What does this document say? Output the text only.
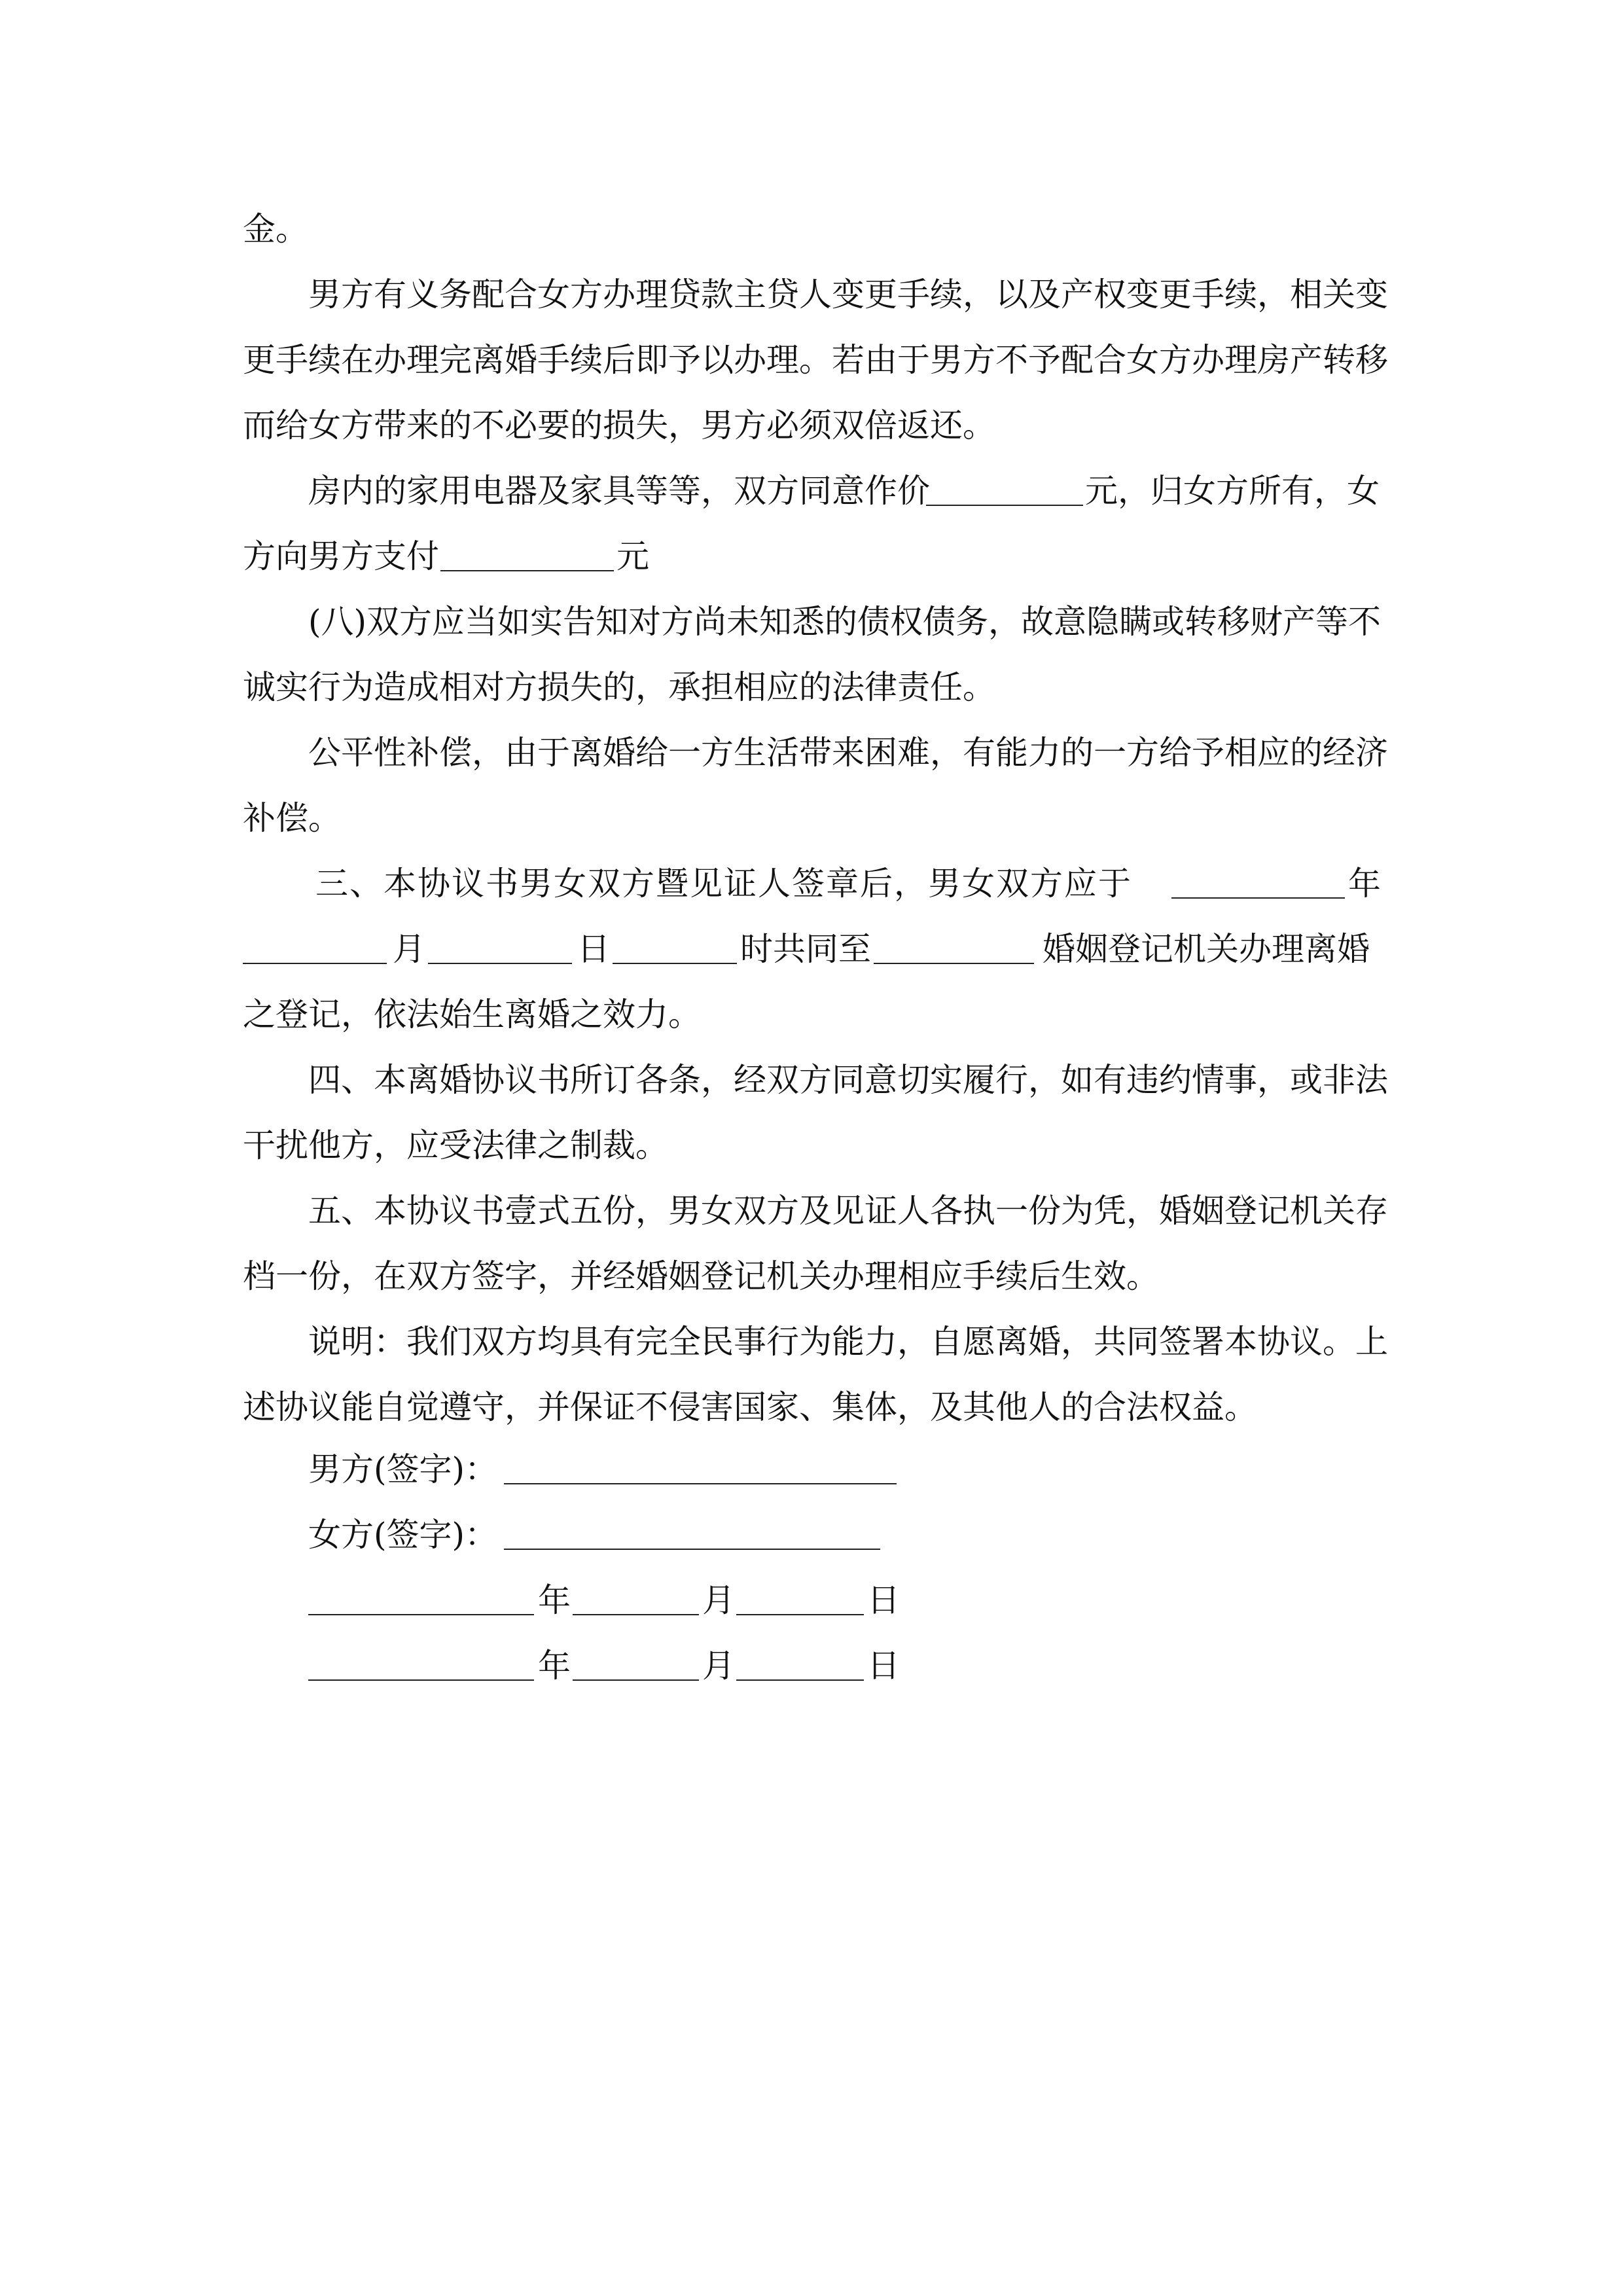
金。
男方有义务配合女方办理贷款主贷人变更手续，以及产权变更手续，相关变
更手续在办理完离婚手续后即予以办理。若由于男方不予配合女方办理房产转移
而给女方带来的不必要的损失，男方必须双倍返还。
房内的家用电器及家具等等，双方同意作价	元，归女方所有，女
方向男方支付	元
(八)双方应当如实告知对方尚未知悉的债权债务，故意隐瞒或转移财产等不
诚实行为造成相对方损失的，承担相应的法律责任。
公平性补偿，由于离婚给一方生活带来困难，有能力的一方给予相应的经济
补偿。
三、本协议书男女双方暨见证人签章后，男女双方应于	年
月	日	时共同至	婚姻登记机关办理离婚
之登记，依法始生离婚之效力。
四、本离婚协议书所订各条，经双方同意切实履行，如有违约情事，或非法
干扰他方，应受法律之制裁。
五、本协议书壹式五份，男女双方及见证人各执一份为凭，婚姻登记机关存
档一份，在双方签字，并经婚姻登记机关办理相应手续后生效。
说明：我们双方均具有完全民事行为能力，自愿离婚，共同签署本协议。上
述协议能自觉遵守，并保证不侵害国家、集体，及其他人的合法权益。
男方(签字)：
女方(签字)：
年	月	日
年	月	日
